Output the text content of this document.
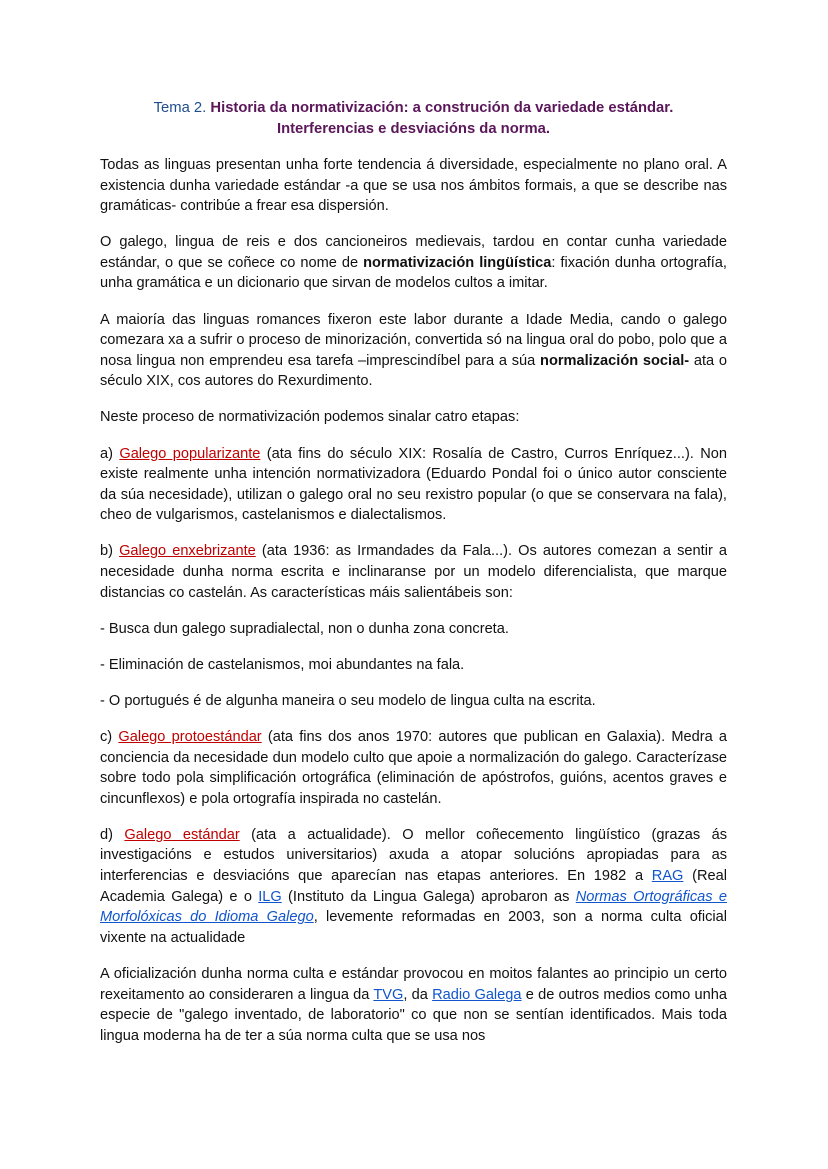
Tema 2. Historia da normativización: a construción da variedade estándar.
Interferencias e desviacións da norma.

Todas as linguas presentan unha forte tendencia á diversidade, especialmente no plano oral. A existencia dunha variedade estándar -a que se usa nos ámbitos formais, a que se describe nas gramáticas- contribúe a frear esa dispersión.

O galego, lingua de reis e dos cancioneiros medievais, tardou en contar cunha variedade estándar, o que se coñece co nome de normativización lingüística: fixación dunha ortografía, unha gramática e un dicionario que sirvan de modelos cultos a imitar.

A maioría das linguas romances fixeron este labor durante a Idade Media, cando o galego comezara xa a sufrir o proceso de minorización, convertida só na lingua oral do pobo, polo que a nosa lingua non emprendeu esa tarefa –imprescindíbel para a súa normalización social- ata o século XIX, cos autores do Rexurdimento.

Neste proceso de normativización podemos sinalar catro etapas:

a) Galego popularizante (ata fins do século XIX: Rosalía de Castro, Curros Enríquez...). Non existe realmente unha intención normativizadora (Eduardo Pondal foi o único autor consciente da súa necesidade), utilizan o galego oral no seu rexistro popular (o que se conservara na fala), cheo de vulgarismos, castelanismos e dialectalismos.

b) Galego enxebrizante (ata 1936: as Irmandades da Fala...). Os autores comezan a sentir a necesidade dunha norma escrita e inclinaranse por un modelo diferencialista, que marque distancias co castelán. As características máis salientábeis son:

- Busca dun galego supradialectal, non o dunha zona concreta.

- Eliminación de castelanismos, moi abundantes na fala.

- O portugués é de algunha maneira o seu modelo de lingua culta na escrita.

c) Galego protoestándar (ata fins dos anos 1970: autores que publican en Galaxia). Medra a conciencia da necesidade dun modelo culto que apoie a normalización do galego. Caracterízase sobre todo pola simplificación ortográfica (eliminación de apóstrofos, guións, acentos graves e cincunflexos) e pola ortografía inspirada no castelán.

d) Galego estándar (ata a actualidade). O mellor coñecemento lingüístico (grazas ás investigacións e estudos universitarios) axuda a atopar solucións apropiadas para as interferencias e desviacións que aparecían nas etapas anteriores. En 1982 a RAG (Real Academia Galega) e o ILG (Instituto da Lingua Galega) aprobaron as Normas Ortográficas e Morfolóxicas do Idioma Galego, levemente reformadas en 2003, son a norma culta oficial vixente na actualidade

A oficialización dunha norma culta e estándar provocou en moitos falantes ao principio un certo rexeitamento ao consideraren a lingua da TVG, da Radio Galega e de outros medios como unha especie de "galego inventado, de laboratorio" co que non se sentían identificados. Mais toda lingua moderna ha de ter a súa norma culta que se usa nos
